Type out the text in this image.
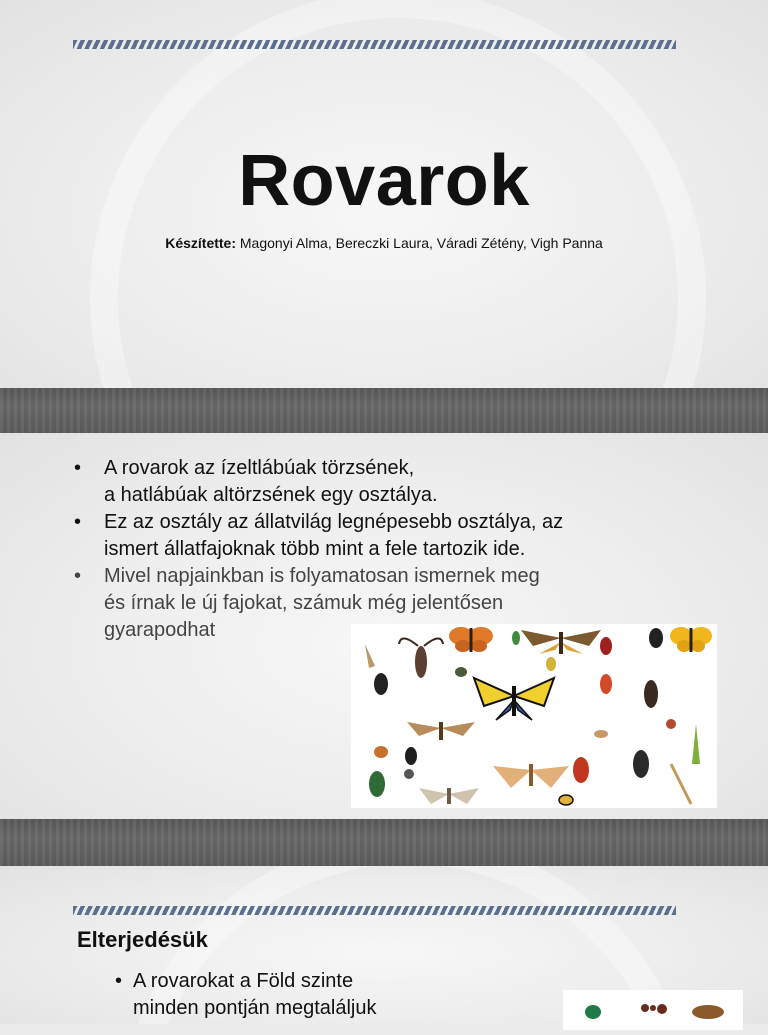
Rovarok
Készítette: Magonyi Alma, Bereczki Laura, Váradi Zétény, Vigh Panna
• A rovarok az ízeltlábúak törzsének,
a hatlábúak altörzsének egy osztálya.
• Ez az osztály az állatvilág legnépesebb osztálya, az
ismert állatfajoknak több mint a fele tartozik ide.
• Mivel napjainkban is folyamatosan ismernek meg
és írnak le új fajokat, számuk még jelentősen
gyarapodhat
Elterjedésük
• A rovarokat a Föld szinte
minden pontján megtaláljuk
